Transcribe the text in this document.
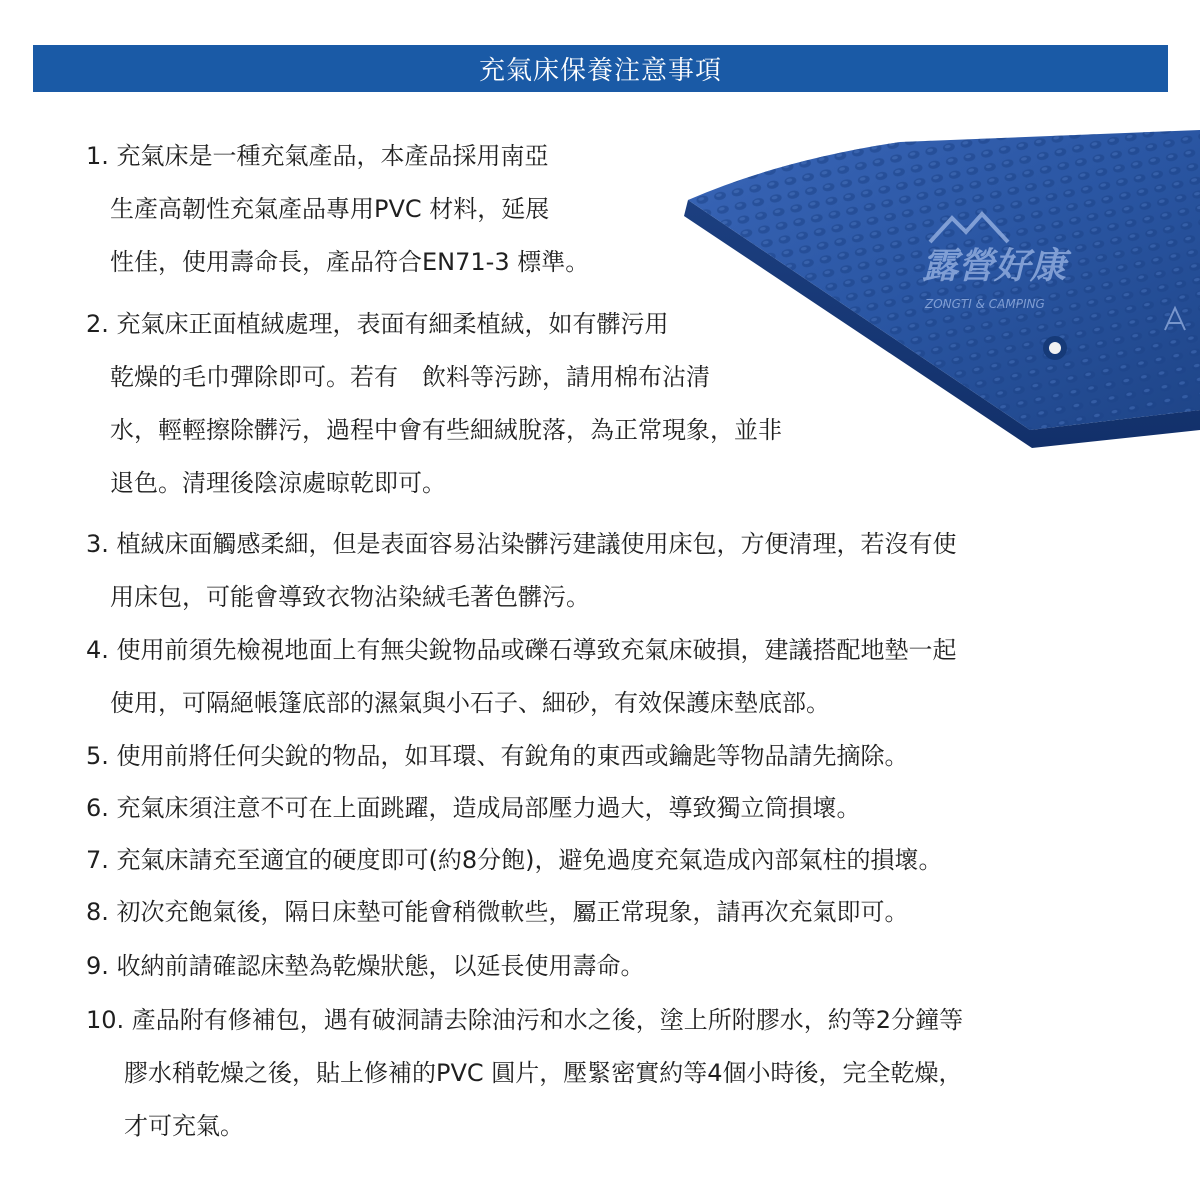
充氣床保養注意事項
露營好康
ZONGTI & CAMPING
1. 充氣床是一種充氣產品，本產品採用南亞
生產高韌性充氣產品專用PVC 材料，延展
性佳，使用壽命長，產品符合EN71-3 標準。
2. 充氣床正面植絨處理，表面有細柔植絨，如有髒污用
乾燥的毛巾彈除即可。若有　飲料等污跡，請用棉布沾清
水，輕輕擦除髒污，過程中會有些細絨脫落，為正常現象，並非
退色。清理後陰涼處晾乾即可。
3. 植絨床面觸感柔細，但是表面容易沾染髒污建議使用床包，方便清理，若沒有使
用床包，可能會導致衣物沾染絨毛著色髒污。
4. 使用前須先檢視地面上有無尖銳物品或礫石導致充氣床破損，建議搭配地墊一起
使用，可隔絕帳篷底部的濕氣與小石子、細砂，有效保護床墊底部。
5. 使用前將任何尖銳的物品，如耳環、有銳角的東西或鑰匙等物品請先摘除。
6. 充氣床須注意不可在上面跳躍，造成局部壓力過大，導致獨立筒損壞。
7. 充氣床請充至適宜的硬度即可(約8分飽)，避免過度充氣造成內部氣柱的損壞。
8. 初次充飽氣後，隔日床墊可能會稍微軟些，屬正常現象，請再次充氣即可。
9. 收納前請確認床墊為乾燥狀態，以延長使用壽命。
10. 產品附有修補包，遇有破洞請去除油污和水之後，塗上所附膠水，約等2分鐘等
膠水稍乾燥之後，貼上修補的PVC 圓片，壓緊密實約等4個小時後，完全乾燥，
才可充氣。
